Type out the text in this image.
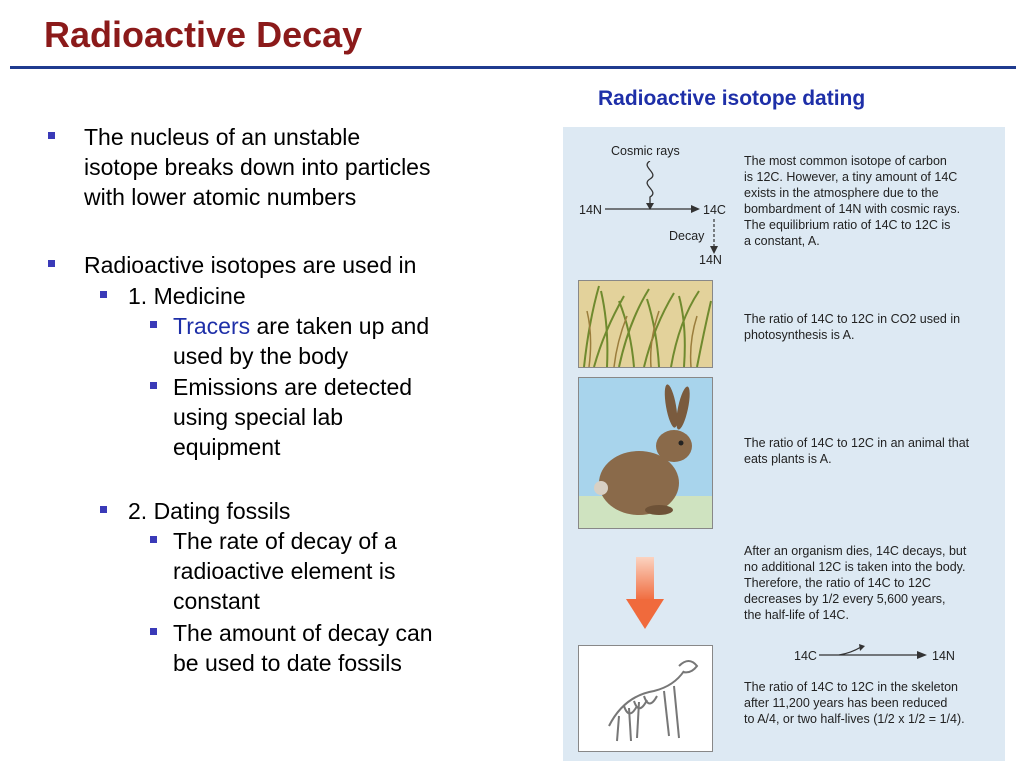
Radioactive Decay
Radioactive isotope dating
The nucleus of an unstable
isotope breaks down into particles
with lower atomic numbers
Radioactive isotopes are used in
1. Medicine
Tracers are taken up and
used by the body
Emissions are detected
using special lab
equipment
2. Dating fossils
The rate of decay of a
radioactive element is
constant
The amount of decay can
be used to date fossils
Cosmic rays
14N	14C
Decay
14N
The most common isotope of carbon
is 12C. However, a tiny amount of 14C
exists in the atmosphere due to the
bombardment of 14N with cosmic rays.
The equilibrium ratio of 14C to 12C is
a constant, A.
The ratio of 14C to 12C in CO2 used in
photosynthesis is A.
The ratio of 14C to 12C in an animal that
eats plants is A.
After an organism dies, 14C decays, but
no additional 12C is taken into the body.
Therefore, the ratio of 14C to 12C
decreases by 1/2 every 5,600 years,
the half-life of 14C.
14C	14N
The ratio of 14C to 12C in the skeleton
after 11,200 years has been reduced
to A/4, or two half-lives (1/2 x 1/2 = 1/4).
